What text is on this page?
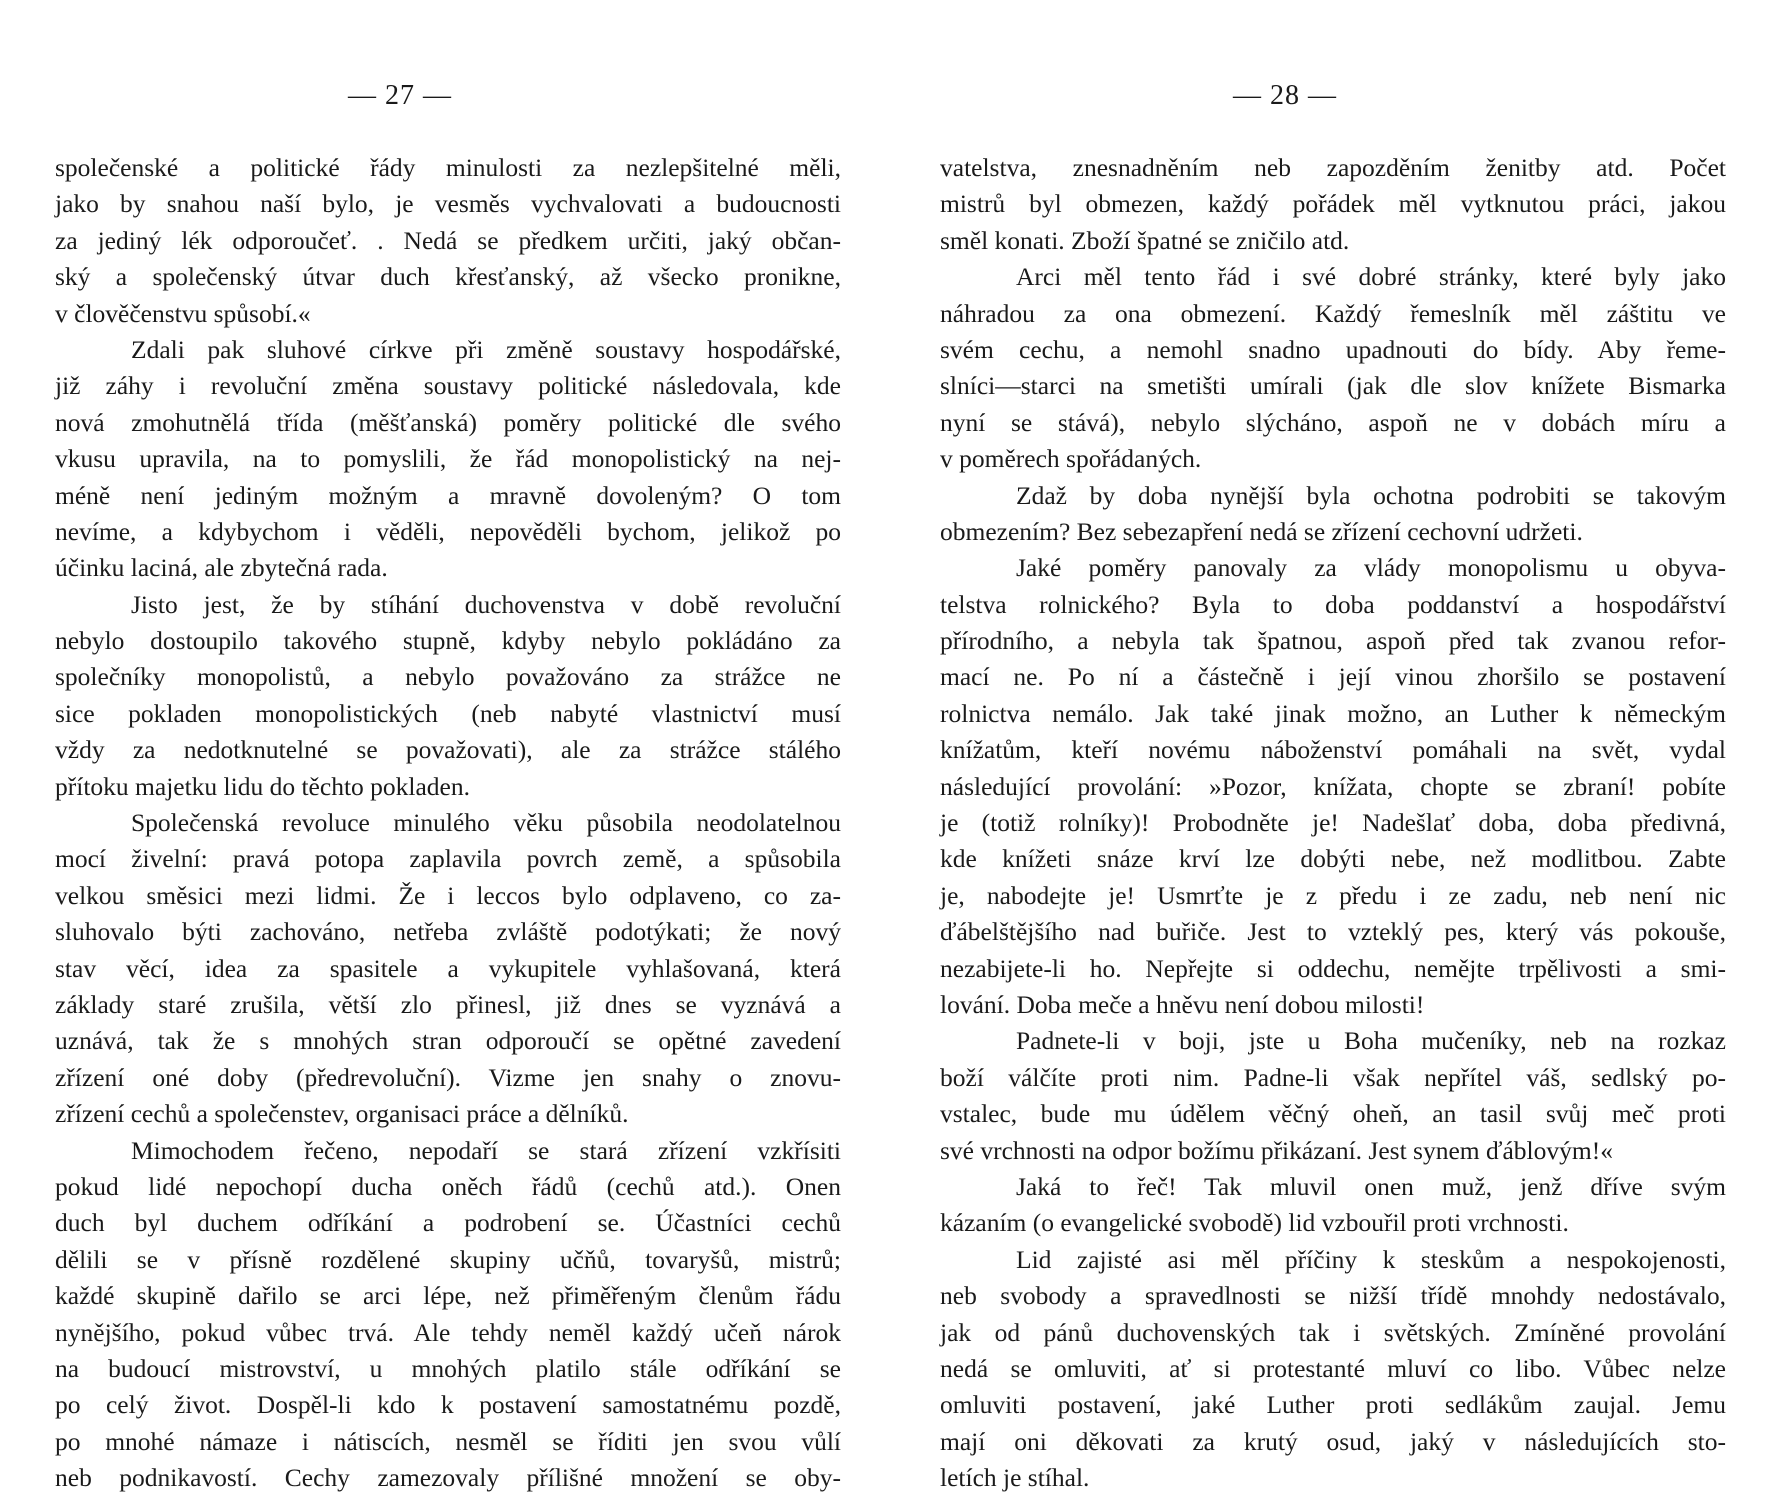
— 27 —
společenské a politické řády minulosti za nezlepšitelné měli,
jako by snahou naší bylo, je vesměs vychvalovati a budoucnosti
za jediný lék odporoučeť. . Nedá se předkem určiti, jaký občan-
ský a společenský útvar duch křesťanský, až všecko pronikne,
v člověčenstvu spůsobí.«
Zdali pak sluhové církve při změně soustavy hospodářské,
již záhy i revoluční změna soustavy politické následovala, kde
nová zmohutnělá třída (měšťanská) poměry politické dle svého
vkusu upravila, na to pomyslili, že řád monopolistický na nej-
méně není jediným možným a mravně dovoleným? O tom
nevíme, a kdybychom i věděli, nepověděli bychom, jelikož po
účinku laciná, ale zbytečná rada.
Jisto jest, že by stíhání duchovenstva v době revoluční
nebylo dostoupilo takového stupně, kdyby nebylo pokládáno za
společníky monopolistů, a nebylo považováno za strážce ne
sice pokladen monopolistických (neb nabyté vlastnictví musí
vždy za nedotknutelné se považovati), ale za strážce stálého
přítoku majetku lidu do těchto pokladen.
Společenská revoluce minulého věku působila neodolatelnou
mocí živelní: pravá potopa zaplavila povrch země, a spůsobila
velkou směsici mezi lidmi. Že i leccos bylo odplaveno, co za-
sluhovalo býti zachováno, netřeba zvláště podotýkati; že nový
stav věcí, idea za spasitele a vykupitele vyhlašovaná, která
základy staré zrušila, větší zlo přinesl, již dnes se vyznává a
uznává, tak že s mnohých stran odporoučí se opětné zavedení
zřízení oné doby (předrevoluční). Vizme jen snahy o znovu-
zřízení cechů a společenstev, organisaci práce a dělníků.
Mimochodem řečeno, nepodaří se stará zřízení vzkřísiti
pokud lidé nepochopí ducha oněch řádů (cechů atd.). Onen
duch byl duchem odříkání a podrobení se. Účastníci cechů
dělili se v přísně rozdělené skupiny učňů, tovaryšů, mistrů;
každé skupině dařilo se arci lépe, než přiměřeným členům řádu
nynějšího, pokud vůbec trvá. Ale tehdy neměl každý učeň nárok
na budoucí mistrovství, u mnohých platilo stále odříkání se
po celý život. Dospěl-li kdo k postavení samostatnému pozdě,
po mnohé námaze i nátiscích, nesměl se říditi jen svou vůlí
neb podnikavostí. Cechy zamezovaly přílišné množení se oby-
— 28 —
vatelstva, znesnadněním neb zapozděním ženitby atd. Počet
mistrů byl obmezen, každý pořádek měl vytknutou práci, jakou
směl konati. Zboží špatné se zničilo atd.
Arci měl tento řád i své dobré stránky, které byly jako
náhradou za ona obmezení. Každý řemeslník měl záštitu ve
svém cechu, a nemohl snadno upadnouti do bídy. Aby řeme-
slníci—starci na smetišti umírali (jak dle slov knížete Bismarka
nyní se stává), nebylo slýcháno, aspoň ne v dobách míru a
v poměrech spořádaných.
Zdaž by doba nynější byla ochotna podrobiti se takovým
obmezením? Bez sebezapření nedá se zřízení cechovní udržeti.
Jaké poměry panovaly za vlády monopolismu u obyva-
telstva rolnického? Byla to doba poddanství a hospodářství
přírodního, a nebyla tak špatnou, aspoň před tak zvanou refor-
mací ne. Po ní a částečně i její vinou zhoršilo se postavení
rolnictva nemálo. Jak také jinak možno, an Luther k německým
knížatům, kteří novému náboženství pomáhali na svět, vydal
následující provolání: »Pozor, knížata, chopte se zbraní! pobíte
je (totiž rolníky)! Probodněte je! Nadešlať doba, doba předivná,
kde knížeti snáze krví lze dobýti nebe, než modlitbou. Zabte
je, nabodejte je! Usmrťte je z předu i ze zadu, neb není nic
ďábelštějšího nad buřiče. Jest to vzteklý pes, který vás pokouše,
nezabijete-li ho. Nepřejte si oddechu, nemějte trpělivosti a smi-
lování. Doba meče a hněvu není dobou milosti!
Padnete-li v boji, jste u Boha mučeníky, neb na rozkaz
boží válčíte proti nim. Padne-li však nepřítel váš, sedlský po-
vstalec, bude mu údělem věčný oheň, an tasil svůj meč proti
své vrchnosti na odpor božímu přikázaní. Jest synem ďáblovým!«
Jaká to řeč! Tak mluvil onen muž, jenž dříve svým
kázaním (o evangelické svobodě) lid vzbouřil proti vrchnosti.
Lid zajisté asi měl příčiny k steskům a nespokojenosti,
neb svobody a spravedlnosti se nižší třídě mnohdy nedostávalo,
jak od pánů duchovenských tak i světských. Zmíněné provolání
nedá se omluviti, ať si protestanté mluví co libo. Vůbec nelze
omluviti postavení, jaké Luther proti sedlákům zaujal. Jemu
mají oni děkovati za krutý osud, jaký v následujících sto-
letích je stíhal.
